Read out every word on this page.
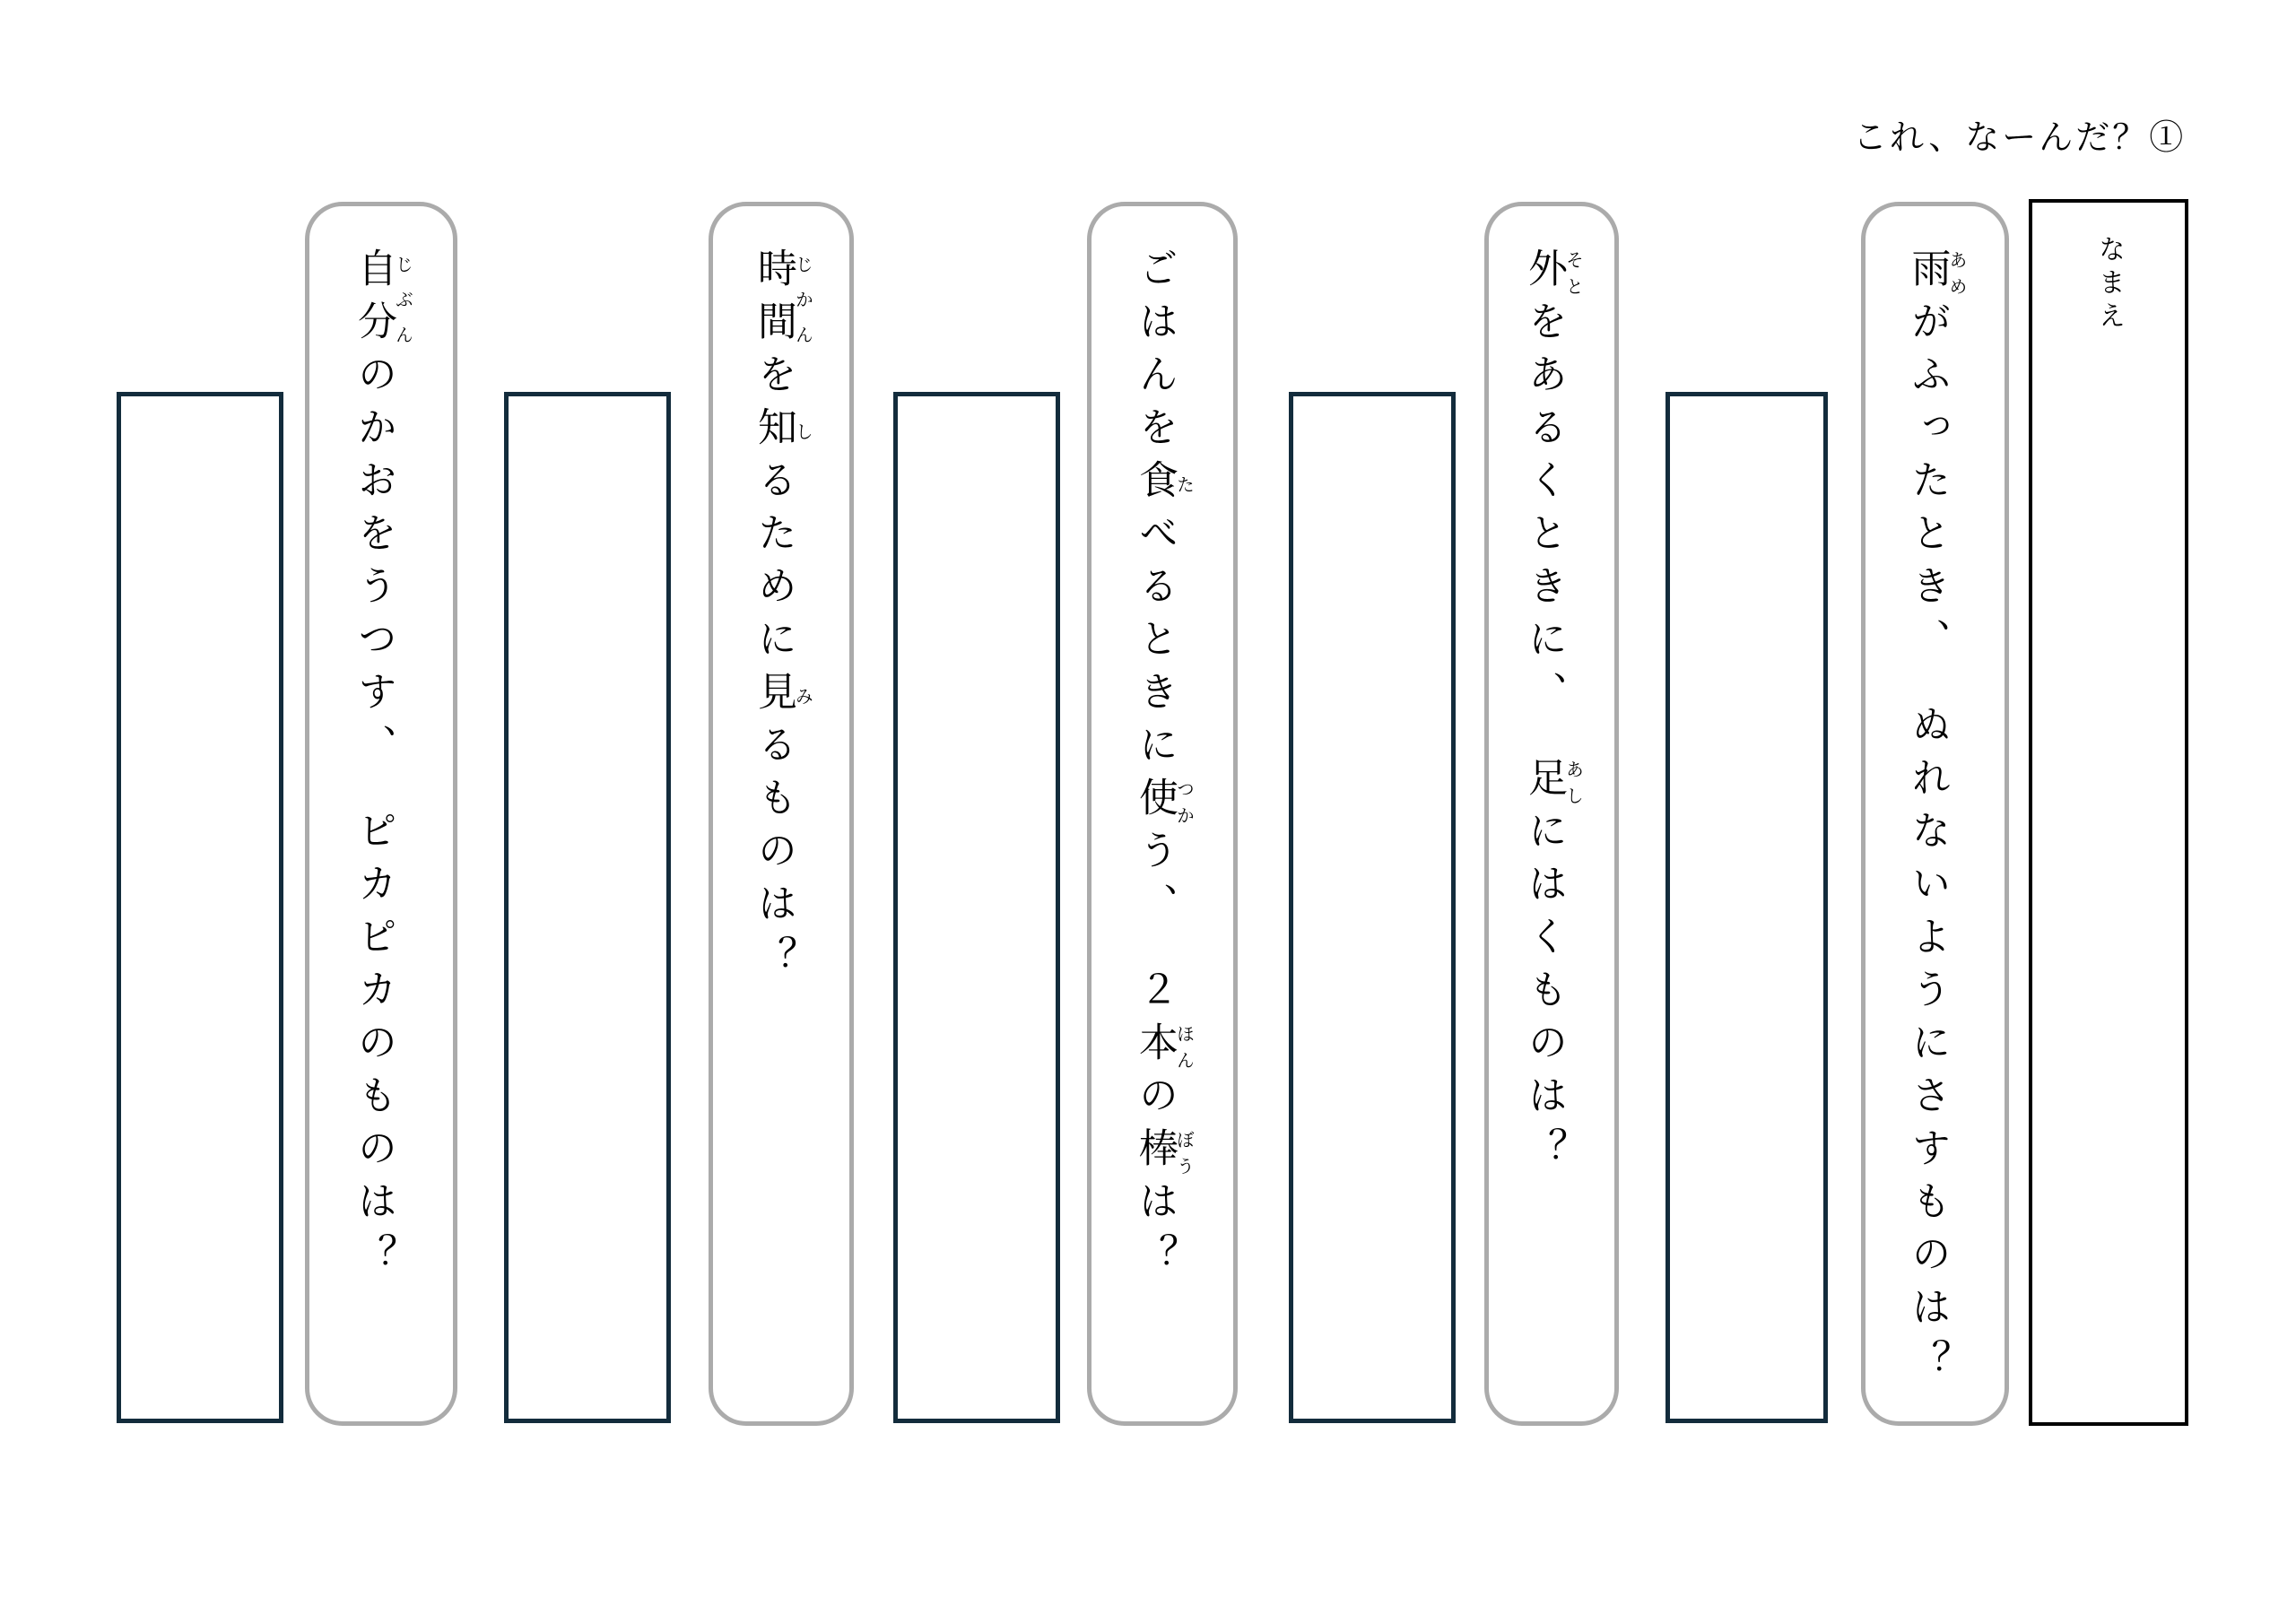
これ、なーんだ？①
なまえ
雨あめがふったとき、　ぬれないようにさすものは？
外そとをあるくときに、　足あしにはくものは？
ごはんを食たべるときに使つかう、　２本ほんの棒ぼうは？
時間じかんを知しるために見みるものは？
自分じぶんのかおをうつす、　ピカピカのものは？
